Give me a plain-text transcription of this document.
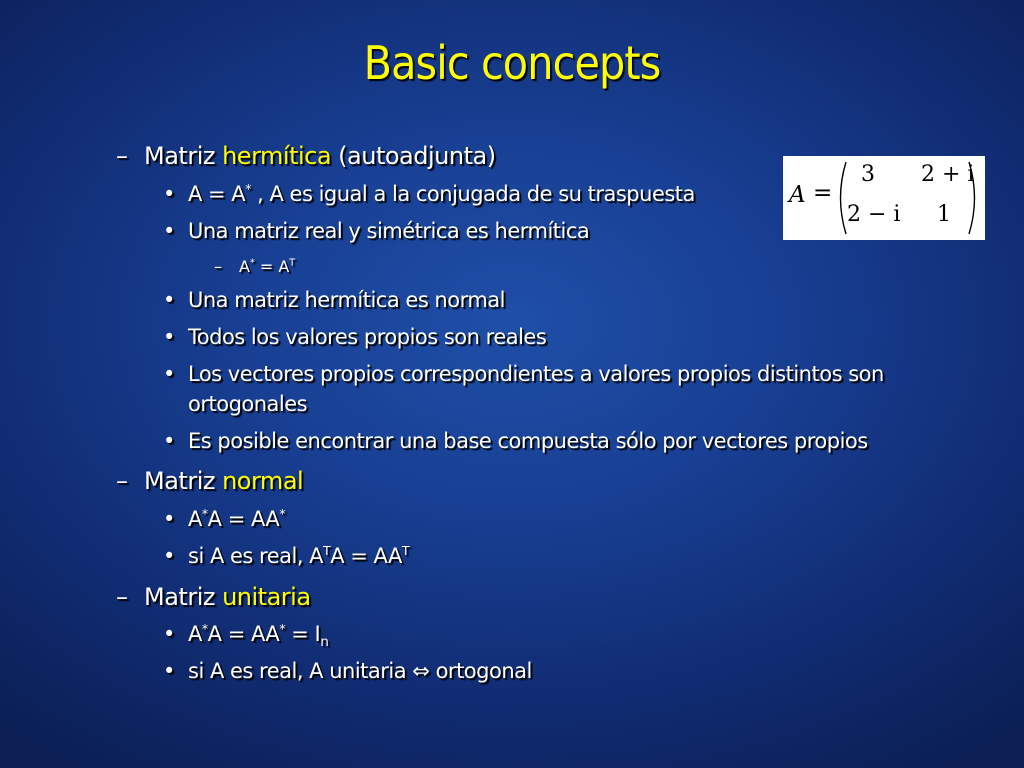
Basic concepts
– Matriz hermítica (autoadjunta)
• A = A* , A es igual a la conjugada de su traspuesta
• Una matriz real y simétrica es hermítica
– $A^* = A^T$
• Una matriz hermítica es normal
• Todos los valores propios son reales
• Los vectores propios correspondientes a valores propios distintos son
ortogonales
• Es posible encontrar una base compuesta sólo por vectores propios
– Matriz normal
• A*A = AA*
• si A es real, $A^TA = AA^T$
– Matriz unitaria
• $A^*A = AA^* = I_n$
• si A es real, A unitaria ⇔ ortogonal
A =
3 2 + i
2 − i 1
